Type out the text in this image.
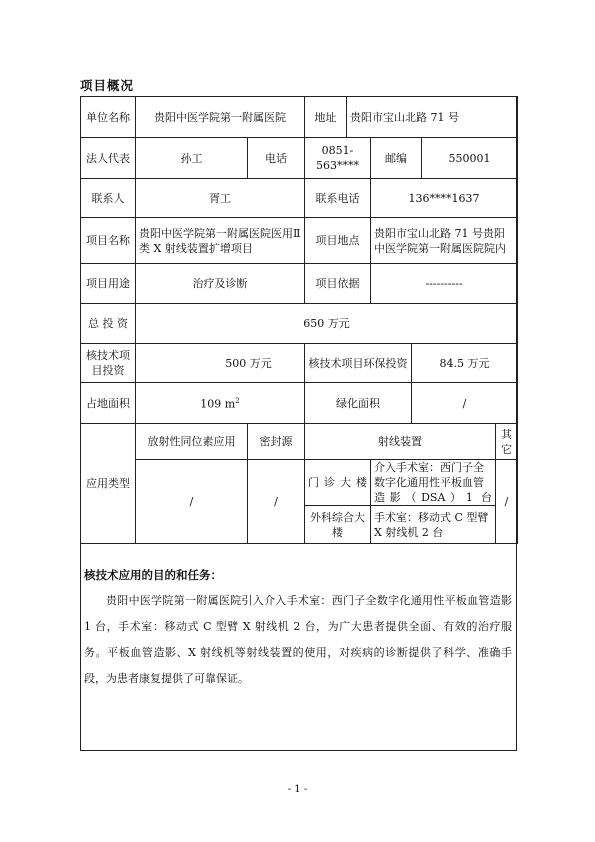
项目概况
单位名称	贵阳中医学院第一附属医院		地址	贵阳市宝山北路 71 号				
法人代表	孙工	电话	0851-563****		邮编		550001	
联系人	胥工		联系电话		136****1637			
项目名称	贵阳中医学院第一附属医院医用Ⅱ类 X 射线装置扩增项目		项目地点		贵阳市宝山北路 71 号贵阳中医学院第一附属医院院内			
项目用途	治疗及诊断		项目依据		----------			
总 投 资	650 万元							
核技术项目投资	500 万元		核技术项目环保投资			84.5 万元		
占地面积	109 $m^2$		绿化面积			/		
应用类型	放射性同位素应用	密封源	射线装置					其它
	/	/	门 诊 大 楼		介入手术室：西门子全数字化通用性平板血管造影（DSA）1 台			/
			外科综合大楼		手术室：移动式 C 型臂 X 射线机 2 台			
核技术应用的目的和任务：
贵阳中医学院第一附属医院引入介入手术室：西门子全数字化通用性平板血管造影 1 台，手术室：移动式 C 型臂 X 射线机 2 台，为广大患者提供全面、有效的治疗服务。平板血管造影、X 射线机等射线装置的使用，对疾病的诊断提供了科学、准确手段，为患者康复提供了可靠保证。
- 1 -
